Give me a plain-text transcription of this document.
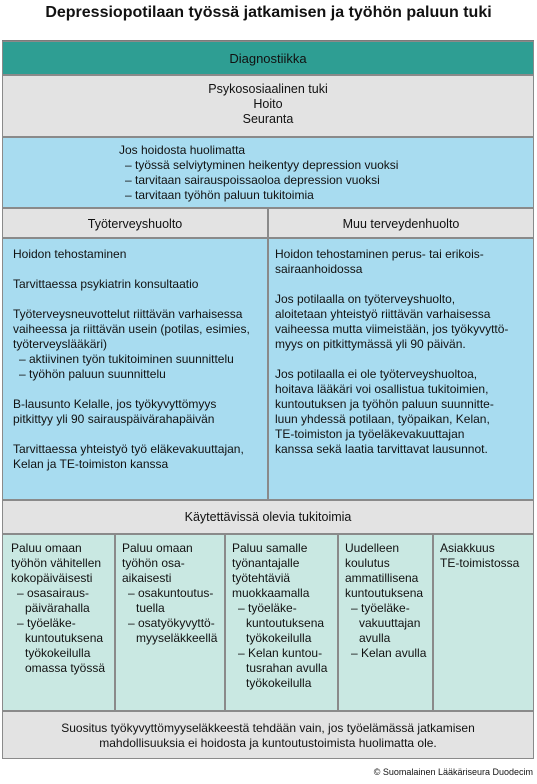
Depressiopotilaan työssä jatkamisen ja työhön paluun tuki
Diagnostiikka
Psykososiaalinen tuki
Hoito
Seuranta
Jos hoidosta huolimatta
– työssä selviytyminen heikentyy depression vuoksi
– tarvitaan sairauspoissaoloa depression vuoksi
– tarvitaan työhön paluun tukitoimia
Työterveyshuolto	Muu terveydenhuolto
Hoidon tehostaminen
Tarvittaessa psykiatrin konsultaatio
Työterveysneuvottelut riittävän varhaisessa
vaiheessa ja riittävän usein (potilas, esimies,
työterveyslääkäri)
– aktiivinen työn tukitoiminen suunnittelu
– työhön paluun suunnittelu
B-lausunto Kelalle, jos työkyvyttömyys
pitkittyy yli 90 sairauspäivärahapäivän
Tarvittaessa yhteistyö työ eläkevakuuttajan,
Kelan ja TE-toimiston kanssa
Hoidon tehostaminen perus- tai erikois-
sairaanhoidossa
Jos potilaalla on työterveyshuolto,
aloitetaan yhteistyö riittävän varhaisessa
vaiheessa mutta viimeistään, jos työkyvyttö-
myys on pitkittymässä yli 90 päivän.
Jos potilaalla ei ole työterveyshuoltoa,
hoitava lääkäri voi osallistua tukitoimien,
kuntoutuksen ja työhön paluun suunnitte-
luun yhdessä potilaan, työpaikan, Kelan,
TE-toimiston ja työeläkevakuuttajan
kanssa sekä laatia tarvittavat lausunnot.
Käytettävissä olevia tukitoimia
Paluu omaan
työhön vähitellen
kokopäiväisesti
– osasairaus-
päivärahalla
– työeläke-
kuntoutuksena
työkokeilulla
omassa työssä
Paluu omaan
työhön osa-
aikaisesti
– osakuntoutus-
tuella
– osatyökyvyttö-
myyseläkkeellä
Paluu samalle
työnantajalle
työtehtäviä
muokkaamalla
– työeläke-
kuntoutuksena
työkokeilulla
– Kelan kuntou-
tusrahan avulla
työkokeilulla
Uudelleen
koulutus
ammatillisena
kuntoutuksena
– työeläke-
vakuuttajan
avulla
– Kelan avulla
Asiakkuus
TE-toimistossa
Suositus työkyvyttömyyseläkkeestä tehdään vain, jos työelämässä jatkamisen
mahdollisuuksia ei hoidosta ja kuntoutustoimista huolimatta ole.
© Suomalainen Lääkäriseura Duodecim
